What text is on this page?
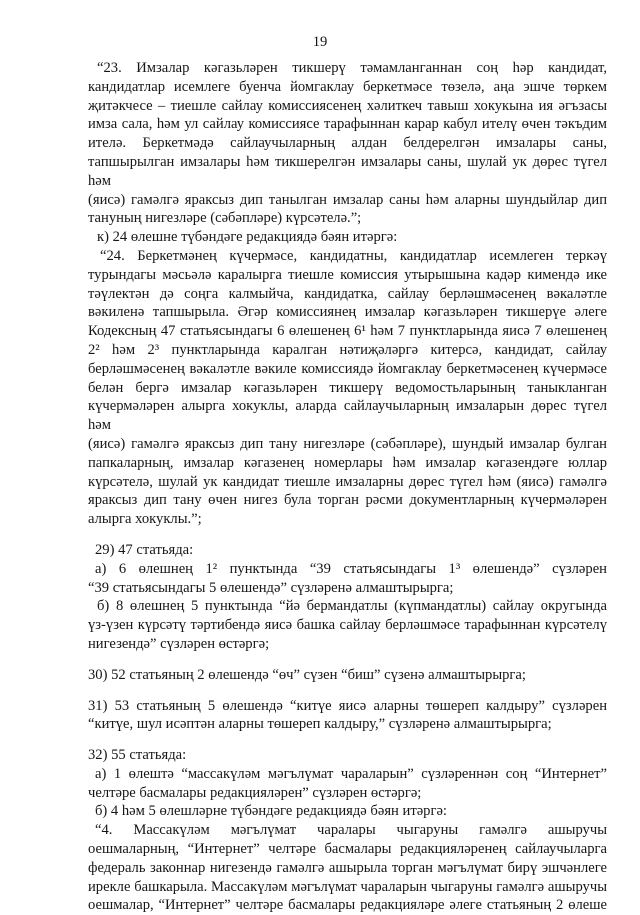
19
“23. Имзалар кәгазьләрен тикшерү тәмамланганнан соң һәр кандидат,
кандидатлар исемлеге буенча йомгаклау беркетмәсе төзелә, аңа эшче төркем
җитәкчесе – тиешле сайлау комиссиясенең хәлиткеч тавыш хокукына ия әгъзасы
имза сала, һәм ул сайлау комиссиясе тарафыннан карар кабул ителү өчен тәкъдим
ителә. Беркетмәдә сайлаучыларның алдан белдерелгән имзалары саны,
тапшырылган имзалары һәм тикшерелгән имзалары саны, шулай ук дөрес түгел һәм
(яисә) гамәлгә яраксыз дип танылган имзалар саны һәм аларны шундыйлар дип
тануның нигезләре (сәбәпләре) күрсәтелә.”;
к) 24 өлешне түбәндәге редакциядә бәян итәргә:
“24. Беркетмәнең күчермәсе, кандидатны, кандидатлар исемлеген теркәү
турындагы мәсьәлә каралырга тиешле комиссия утырышына кадәр кимендә ике
тәүлектән дә соңга калмыйча, кандидатка, сайлау берләшмәсенең вәкаләтле
вәкиленә тапшырыла. Әгәр комиссиянең имзалар кәгазьләрен тикшерүе әлеге
Кодексның 47 статьясындагы 6 өлешенең 6¹ һәм 7 пунктларында яисә 7 өлешенең
2² һәм 2³ пунктларында каралган нәтиҗәләргә китерсә, кандидат, сайлау
берләшмәсенең вәкаләтле вәкиле комиссиядә йомгаклау беркетмәсенең күчермәсе
белән бергә имзалар кәгазьләрен тикшерү ведомостьларының таныкланган
күчермәләрен алырга хокуклы, аларда сайлаучыларның имзаларын дөрес түгел һәм
(яисә) гамәлгә яраксыз дип тану нигезләре (сәбәпләре), шундый имзалар булган
папкаларның, имзалар кәгазенең номерлары һәм имзалар кәгазендәге юллар
күрсәтелә, шулай ук кандидат тиешле имзаларны дөрес түгел һәм (яисә) гамәлгә
яраксыз дип тану өчен нигез була торган рәсми документларның күчермәләрен
алырга хокуклы.”;
29) 47 статьяда:
а) 6 өлешнең 1² пунктында “39 статьясындагы 1³ өлешендә” сүзләрен
“39 статьясындагы 5 өлешендә” сүзләренә алмаштырырга;
б) 8 өлешнең 5 пунктында “йә бермандатлы (күпмандатлы) сайлау округында
үз-үзен күрсәтү тәртибендә яисә башка сайлау берләшмәсе тарафыннан күрсәтелү
нигезендә” сүзләрен өстәргә;
30) 52 статьяның 2 өлешендә “өч” сүзен “биш” сүзенә алмаштырырга;
31) 53 статьяның 5 өлешендә “китүе яисә аларны төшереп калдыру” сүзләрен
“китүе, шул исәптән аларны төшереп калдыру,” сүзләренә алмаштырырга;
32) 55 статьяда:
а) 1 өлештә “массакүләм мәгълүмат чараларын” сүзләреннән соң “Интернет”
челтәре басмалары редакцияләрен” сүзләрен өстәргә;
б) 4 һәм 5 өлешләрне түбәндәге редакциядә бәян итәргә:
“4. Массакүләм мәгълүмат чаралары чыгаруны гамәлгә ашыручы
оешмаларның, “Интернет” челтәре басмалары редакцияләренең сайлаучыларга
федераль законнар нигезендә гамәлгә ашырыла торган мәгълүмат бирү эшчәнлеге
ирекле башкарыла. Массакүләм мәгълүмат чараларын чыгаруны гамәлгә ашыручы
оешмалар, “Интернет” челтәре басмалары редакцияләре әлеге статьяның 2 өлеше
